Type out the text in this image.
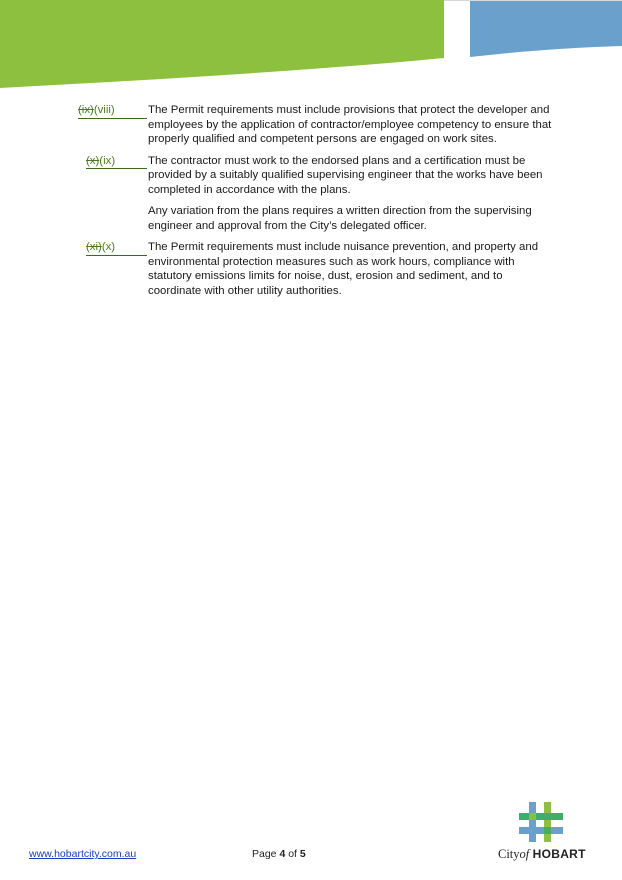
(ix)(viii)	The Permit requirements must include provisions that protect the developer and employees by the application of contractor/employee competency to ensure that properly qualified and competent persons are engaged on work sites.

(x)(ix)	The contractor must work to the endorsed plans and a certification must be provided by a suitably qualified supervising engineer that the works have been completed in accordance with the plans.

Any variation from the plans requires a written direction from the supervising engineer and approval from the City’s delegated officer.

(xi)(x)	The Permit requirements must include nuisance prevention, and property and environmental protection measures such as work hours, compliance with statutory emissions limits for noise, dust, erosion and sediment, and to coordinate with other utility authorities.

www.hobartcity.com.au	Page 4 of 5	Cityof HOBART
